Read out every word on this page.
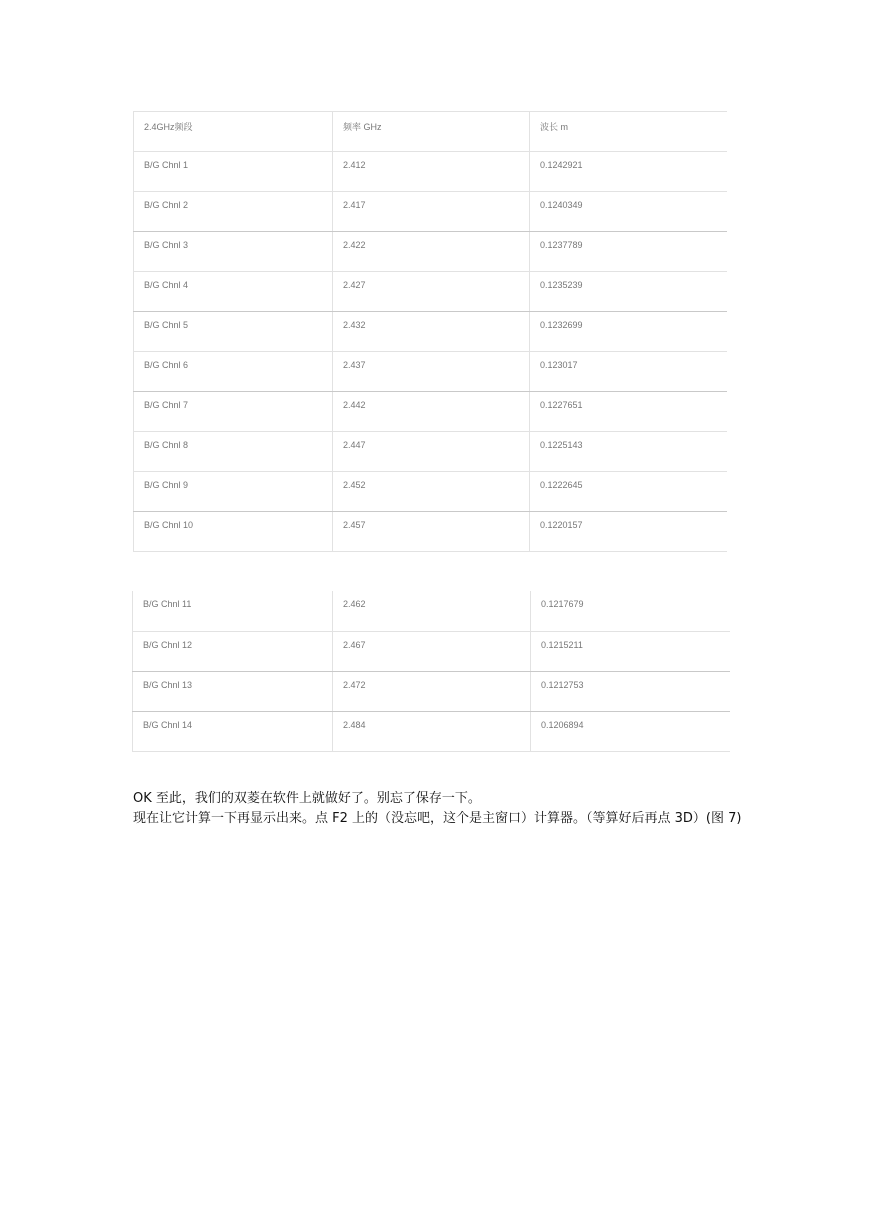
2.4GHz频段	频率 GHz	波长 m
B/G Chnl 1	2.412	0.1242921
B/G Chnl 2	2.417	0.1240349
B/G Chnl 3	2.422	0.1237789
B/G Chnl 4	2.427	0.1235239
B/G Chnl 5	2.432	0.1232699
B/G Chnl 6	2.437	0.123017
B/G Chnl 7	2.442	0.1227651
B/G Chnl 8	2.447	0.1225143
B/G Chnl 9	2.452	0.1222645
B/G Chnl 10	2.457	0.1220157
B/G Chnl 11	2.462	0.1217679
B/G Chnl 12	2.467	0.1215211
B/G Chnl 13	2.472	0.1212753
B/G Chnl 14	2.484	0.1206894

OK 至此，我们的双菱在软件上就做好了。别忘了保存一下。

现在让它计算一下再显示出来。点 F2 上的（没忘吧，这个是主窗口）计算器。（等算好后再点 3D）(图 7)
